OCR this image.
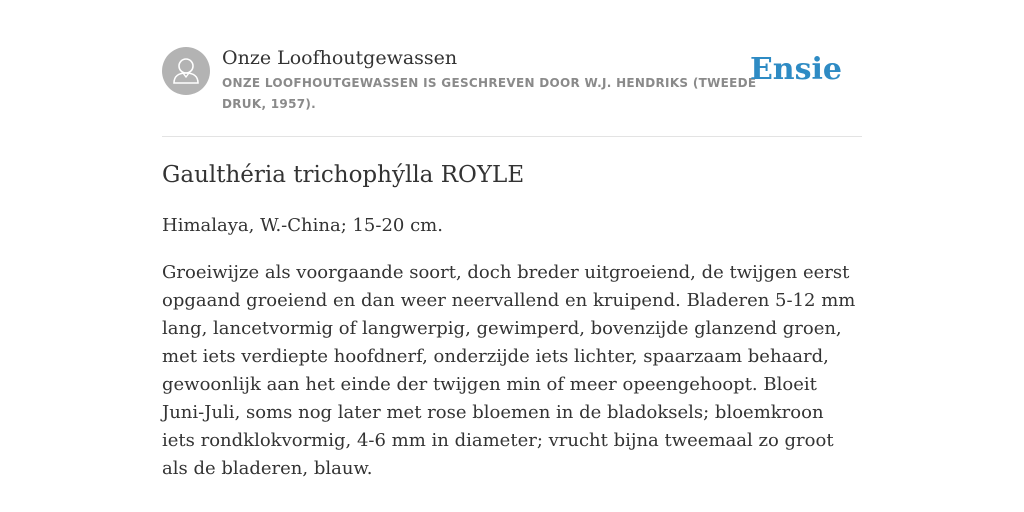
Onze Loofhoutgewassen
ONZE LOOFHOUTGEWASSEN IS GESCHREVEN DOOR W.J. HENDRIKS (TWEEDE DRUK, 1957).
Ensie
Gaulthéria trichophýlla ROYLE

Himalaya, W.-China; 15-20 cm.

Groeiwijze als voorgaande soort, doch breder uitgroeiend, de twijgen eerst opgaand groeiend en dan weer neervallend en kruipend. Bladeren 5-12 mm lang, lancetvormig of langwerpig, gewimperd, bovenzijde glanzend groen, met iets verdiepte hoofdnerf, onderzijde iets lichter, spaarzaam behaard, gewoonlijk aan het einde der twijgen min of meer opeengehoopt. Bloeit Juni-Juli, soms nog later met rose bloemen in de bladoksels; bloemkroon iets rondklokvormig, 4-6 mm in diameter; vrucht bijna tweemaal zo groot als de bladeren, blauw.
